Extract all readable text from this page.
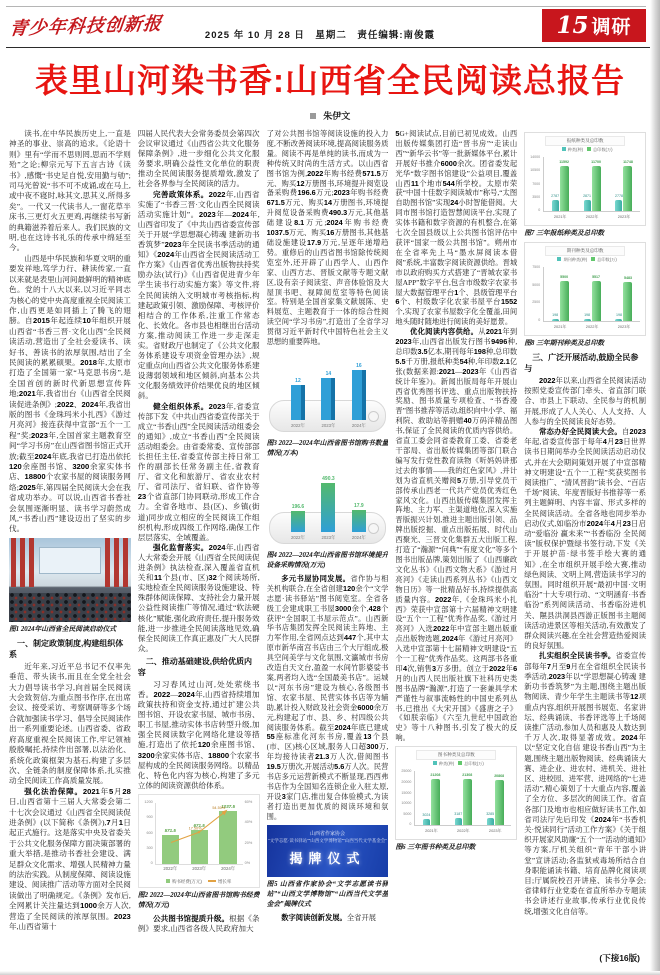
青少年科技创新报	2025 年 10 月 28 日　星期二　责任编辑:南俊霞	15 调研
表里山河染书香:山西省全民阅读总报告
朱伊文

读书,在中华民族历史上,一直是神圣的事业、崇高的追求。《论语十则》里有“学而不思则罔,思而不学则殆”之论;柳宗元写下五言古诗《读书》,感慨“书史足自悦,安用勤与劬”;司马光曾说“书不可不成诵,或在马上,或中夜不寝时,咏其文,思其义,所得多矣”。一代又一代读书人,一窗花草半床书,三更灯火五更鸡,再继续书写新的典籍滋养着后来人。我们民族的文明,也在这诗书礼乐的传承中绵延至今。

山西是中华民族和华夏文明的重要发祥地,笃学力行、耕读传家,一直以来就是表里山河间最鲜明的精神底色。党的十八大以来,以习近平同志为核心的党中央高度重视全民阅读工作,山西更是如同插上了腾飞的翅膀。自2015年起连续10年组织开展山西省“书香三晋·文化山西”全民阅读活动,营造出了全社会爱读书、读好书、善读书的浓厚氛围,结出了全民阅读的累累硕果。2018年,太原市打造了全国第一家“马克思书房”,是全国首创的新时代新思想宣传阵地;2021年,我省出台《山西省全民阅读促进条例》;2022、2024年,我省出版的图书《金珠玛米小扎西》《游过月亮河》接连获得中宣部“五个一工程”奖;2023年,全国首家主题教育空间“学习书房”在山西省图书馆正式开放;截至2024年底,我省已打造出依托120余座图书馆、3200余家实体书店、18800个农家书屋的阅读服务网络;2025年,第四届全民阅读大会在我省成功举办。可以说,山西省书香社会氛围逐渐明显、读书学习蔚然成风,“书香山西”建设迈出了坚实的步伐。

图1 2024年山西省全民阅读启动仪式

一、制定政策制度,构建组织体系

近年来,习近平总书记不仅率先垂范、带头读书,而且在全党全社会大力倡导读书学习,向首届全民阅读大会致贺信,为重点图书作序,在出席会议、接受采访、考察调研等多个场合就加强读书学习、倡导全民阅读作出一系列重要论述。山西省委、省政府高度重视全民阅读工作,牢记领袖殷殷嘱托,持续作出部署,以法治化、系统化政策框架为基石,构建了多层次、全链条的制度保障体系,扎实推动全民阅读工作高质量发展。

强化法治保障。2021年5月28日,山西省第十三届人大常委会第二十七次会议通过《山西省全民阅读促进条例》(以下简称《条例》),7月1日起正式施行。这是落实中央及省委关于公共文化服务保障方面决策部署的重大举措,是推动书香社会建设、满足群众文化需求、增强人民精神力量的法治实践。从制度保障、阅读设施建设、阅读推广活动等方面对全民阅读做出了明确规定。《条例》发布后,全网累计关注量达到1000余万人次,营造了全民阅读的浓厚氛围。2023年,山西省第十

四届人民代表大会常务委员会第四次会议审议通过《山西省公共文化服务保障条例》,进一步细化公共文化服务要求,明确公益性文化单位的职责推动全民阅读服务提质增效,激发了社会各界参与全民阅读的活力。

完善政策体系。2022年,山西省实施了“书香三晋·文化山西全民阅读活动实施计划”。2023年—2024年,山西省印发了《中共山西省委宣传部关于开展“学思想凝心铸魂 建新功书香筑梦”2023年全民读书季活动的通知》《2024年山西省全民阅读活动工作方案》《山西省优秀出版物扶持奖励办法(试行)》《山西省促进青少年学生读书行动实施方案》等文件,将全民阅读纳入文明城市考核指标,构建起政策引领、激励保障、考核评价相结合的工作体系,注重工作常态化、长效化。各市县也相继出台活动方案,推动阅读工作进一步走深走实。省财政厅也制定了《公共文化服务体系建设专项资金管理办法》,规定重点向山西省公共文化服务体系建设薄弱领域和地区倾斜,向基本公共文化服务绩效评价结果优良的地区倾斜。

健全组织体系。2023年,省委宣传部下发《中共山西省委宣传部关于成立“书香山西”全民阅读活动组委会的通知》,成立“书香山西”全民阅读活动组委会。由省委常委、宣传部部长担任主任,省委宣传部主持日常工作的副部长任常务副主任,省教育厅、省文化和旅游厅、省农业农村厅、省司法厅、省妇联、省作协等23个省直部门协同联动,形成工作合力。全省各地市、县(区)、乡镇(街道)同步成立相应的全民阅读工作组织机构,形成四级工作网络,确保工作层层落实、全域覆盖。

强化监督落实。2024年,山西省人大常委会开展《山西省全民阅读促进条例》执法检查,深入覆盖省直机关和11个县(市、区)32个阅读场所,实地检查全民阅读服务设施建设、特殊群体阅读保障、支持社会力量开展公益性阅读推广等情况,通过“软法硬核化”赋能,强化政府责任,提升服务效能,进一步推进全民阅读落地见效,确保全民阅读工作真正惠及广大人民群众。

二、推动基础建设,供给优质内容

习习春风过山河,处处萦绕书香。2022—2024年,山西省持续增加政策扶持和资金支持,通过扩建公共图书馆、开设农家书屋、城市书房、职工书屋,推动实体书店转型升级,加强全民阅读数字化网络化建设等措施,打造出了依托120余座图书馆、3200余家实体书店、18800个农家书屋构成的全民阅读服务网络。以精品化、特色化内容为核心,构建了多元立体的阅读资源供给体系。

0
300
600
900
1200
0%
20%
40%
60%
571.5
2022年
671.5
2023年
1037.5
2024年
17.50%
54.50%
购书经费(万元)	增长率
图2 2022—2024年山西省图书馆购书经费情况(万元)

公共图书馆提质升级。根据《条例》要求,山西省各级人民政府加大

了对公共图书馆等阅读设施的投入力度,不断改善阅读环境,提高阅读服务质量。阅读不再是单纯的读书,而成为一种传统又时尚的生活方式。以山西省图书馆为例,2022年购书经费571.5万元、购买12万册图书,环境提升阅览设备采购费196.6万元;2023年购书经费671.5万元、购买14万册图书,环境提升阅览设备采购费490.3万元,其他基础建设8.1万元;2024年购书经费1037.5万元、购买16万册图书,其他基础设施建设17.9万元,呈逐年递增趋势。重修后的山西省图书馆除传统阅览室外,还开辟了山西学人、山西作家、山西方志、晋版文献等专题文献区,设有亲子阅读室、声音体验馆及大屋顶书吧、视障阅览室等特色阅读室。特别是全国首家集文献展陈、史料展览、主题教育于一体的综合性阅读空间“学习书房”,打造出了全省学习贯彻习近平新时代中国特色社会主义思想的重要阵地。

12
2022年
14
2023年
16
2024年
图3 2022—2024年山西省图书馆购书数量情况(万本)
196.6
2022年
490.3
2023年
17.9
2024年
图4 2022—2024年山西省图书馆环境提升设备采购情况(万元)

多元书屋协同发展。省作协与相关机构联合,在全省创建120余个“文学志愿·读书驿站”图书阅览室。全省各级工会建成职工书屋3000余个,428个获评“全国职工书屋示范点”。山西新华书店集团发挥全民阅读主阵地、主力军作用,全省网点达到447个,其中太原市新华南宫书店由三个大厅组成,极具空间美学与文化氛围,文瀛城市书房改造自天文台,盈盈一水间竹影婆娑书案,两者均入选“全国最美书店”。运城以“河东书房”建设为核心,各级图书馆、农家书屋、民营实体书店等为辅助,累计投入财政及社会资金6000余万元,构建起了市、县、乡、村四级公共阅读服务体系。截至2024年底已建成55座标准化河东书房,覆盖13个县(市、区)核心区域,服务人口超300万,年均接待读者21.3万人次,借阅图书19.5万册次,开展活动5.6万人次。民营书店多元运营新模式不断显现,西西弗书店作为全国知名连锁企业入驻太原,开设3家门店,推出复合体验模式,为读者打造出更加优质的阅读环境和氛围。

山西省作家协会
“文学志愿·读书驿站”“山西文学博物馆”“山西当代文学基金会”
揭牌仪式
图5 山西省作家协会“文学志愿读书驿站”“山西文学博物馆”“山西当代文学基金会”揭牌仪式

数字阅读创新发展。全省开展

5G+阅读试点,目前已初见成效。山西出版传媒集团打造“晋书房”“走读山西”“新华云书”等一批新媒体平台,累计开展好书推介6000余次。团省委发起光华“数字图书馆建设”公益项目,覆盖山西11个地市544所学校。太原市荣获“中国十佳数字阅读城市”称号,“太图自助图书馆”实现24小时智能借阅。大同市图书馆打造智慧阅读平台,实现了实体书籍和数字资源的有机整合,在第七次全国县级以上公共图书馆评估中获评“国家一级公共图书馆”。朔州市在全省率先上马“墨水屏阅读本借阅”系统,丰富数字阅读资源供给。晋城市以政府购买方式搭建了“晋城农家书屋APP”数字平台,包含市级数字农家书屋大数据管理平台1个、县级管理平台6个、村级数字化农家书屋平台1552个,实现了农家书屋数字化全覆盖,田间地头随时随地进行阅读的美好愿景。

优化阅读内容供给。从2021年到2023年,山西省出版发行图书9496种,总印数3.5亿本,期刊每年198种,总印数5.5千万册,报纸种类54种,年印数2.1亿张(数据来源:2021—2023年《山西省统计年鉴》)。新闻出版局每年开展山西省优秀图书评选、重点出版物扶持奖励、图书质量专项检查、“书香漫晋”图书推荐等活动,组织向中小学、福利院、救助站等捐赠40万码洋精品图书,保证了全民阅读的优质内容供给。省直工委会同省委教育工委、省委老干部局、省出版传媒集团等部门联合编写发行党性教育读物《听妈妈讲那过去的事情——我的红色家风》,并计划为省直机关赠阅5万册,引导党员干部传承山西老一代共产党员优秀红色家风文化。山西出版传媒集团发挥主阵地、主力军、主渠道地位,深入实施晋版振兴计划,推进主题出版引领、品牌出版挖掘、重点出版拓展、时代山西聚光、三晋文化集群五大出版工程,打造了“瀚源”“问典”“有度文化”等多个图书出版品牌,策划出版了《山西廉政文化丛书》《山西文物大系》《游过月亮河》《走读山西系列丛书》《山西文物日历》等一批精品好书,持续提供高质量内容。2022年,《金珠玛米小扎西》荣获中宣部第十六届精神文明建设“五个一工程”优秀作品奖,《游过月亮河》入选2022年中宣部主题出版重点出版物选题,2024年《游过月亮河》入选中宣部第十七届精神文明建设“五个一工程”优秀作品奖。这两部书各重印4次,销售3万多册。创立于2022年6月的山西人民出版社旗下社科历史类图书品牌“瀚源”,打造了一套兼具学术严谨性与叙事流畅性的中国史系列丛书,已推出《大宋开国》《盛唐之子》《如朕亲临》《六至九世纪中国政治史》等十八种图书,引发了极大的反响。

图书种类及总印数
种类(种) 总印数(万)
0
5000
10000
15000
20000
25000
3024
21208
2021年
3187
21308
2022年
3285
20868
2023年
图6 三年图书种类及总印数
报纸种类及总印数
种类(种) 总印数(万)
0
3500
7000
10500
14000
2787
11592
2021年
2871
11700
2022年
2778
11748
2023年
图7 三年报纸种类及总印数
期刊种类及总印数
期刊种类(种) 总印数(万)
0
2500
5000
7500
198
5500
2021年
198
5517
2022年
198
5483
2023年
图8 三年期刊种类及总印数

三、广泛开展活动,鼓励全民参与

2022年以来,山西省全民阅读活动按照党委宣传部门牵头、省直部门联合、市县上下联动、全民参与的机制开展,形成了人人关心、人人支持、人人参与的全民阅读良好态势。

常态办好全民阅读大会。自2023年起,省委宣传部于每年4月23日世界读书日期间举办全民阅读活动启动仪式,并在大会期间策划开展了中宣部精神文明建设“五个一工程”奖获奖图书阅读推广、“清风晋韵”读书会、“百店千场”阅读、年度晋版好书推荐等一系列主题鲜明、内容丰富、形式多样的全民阅读活动。全省各地也同步举办启动仪式,如临汾市2024年4月23日启动“爱临汾 赢未来”“书香临汾 全民阅读”版权保护暨绿书签行动,下发《关于开展护苗·绿书签手绘大赛的通知》,在全市组织开展手绘大赛,推动绿色阅读、文明上网,营造读书学习的氛围。同时组织开展“最初中国·文明临汾”十大专项行动、“文明涵育·书香临汾”系列阅读活动、书香临汾进机关、隰县洪洞县西游正版图书主题阅读活动进景区等相关活动,有效激发了群众阅读兴趣,在全社会营造热爱阅读的良好氛围。

扎实组织全民读书季。省委宣传部每年7月至9月在全省组织全民读书季活动,2023年以“学思想凝心铸魂 建新功书香筑梦”为主题,围绕主题出版物阅读、青少年学生主题读书等12项重点内容,组织开展图书展览、名家讲坛、经典诵读、书香评选等上千场阅读推广活动,参加人员和惠及人数达到千万人次,取得显著成效。2024年以“坚定文化自信 建设书香山西”为主题,围绕主题出版物阅读、经典诵读大赛、进企业、进农村、进机关、进社区、进校园、进军营、进网络的“七进活动”,精心策划了十大重点内容,覆盖了全方位、多层次的阅读工作。省直各部门及地市也相应做好读书工作,如省司法厅先后印发《2024年“书香机关·悦读同行”活动工作方案》《关于组织开展家风助廉“五个一”活动的通知》等方案,厅机关组织“青年干部小讲堂”宣讲活动;各监狱戒毒场所结合自身职能诵读书籍、培育品牌化阅读项目;厅属院校召开讲座、读书分享会;省律师行业党委在省直所举办专题读书会讲述行业故事,传承行业优良传统,增强文化自信等。

(下接16版)
